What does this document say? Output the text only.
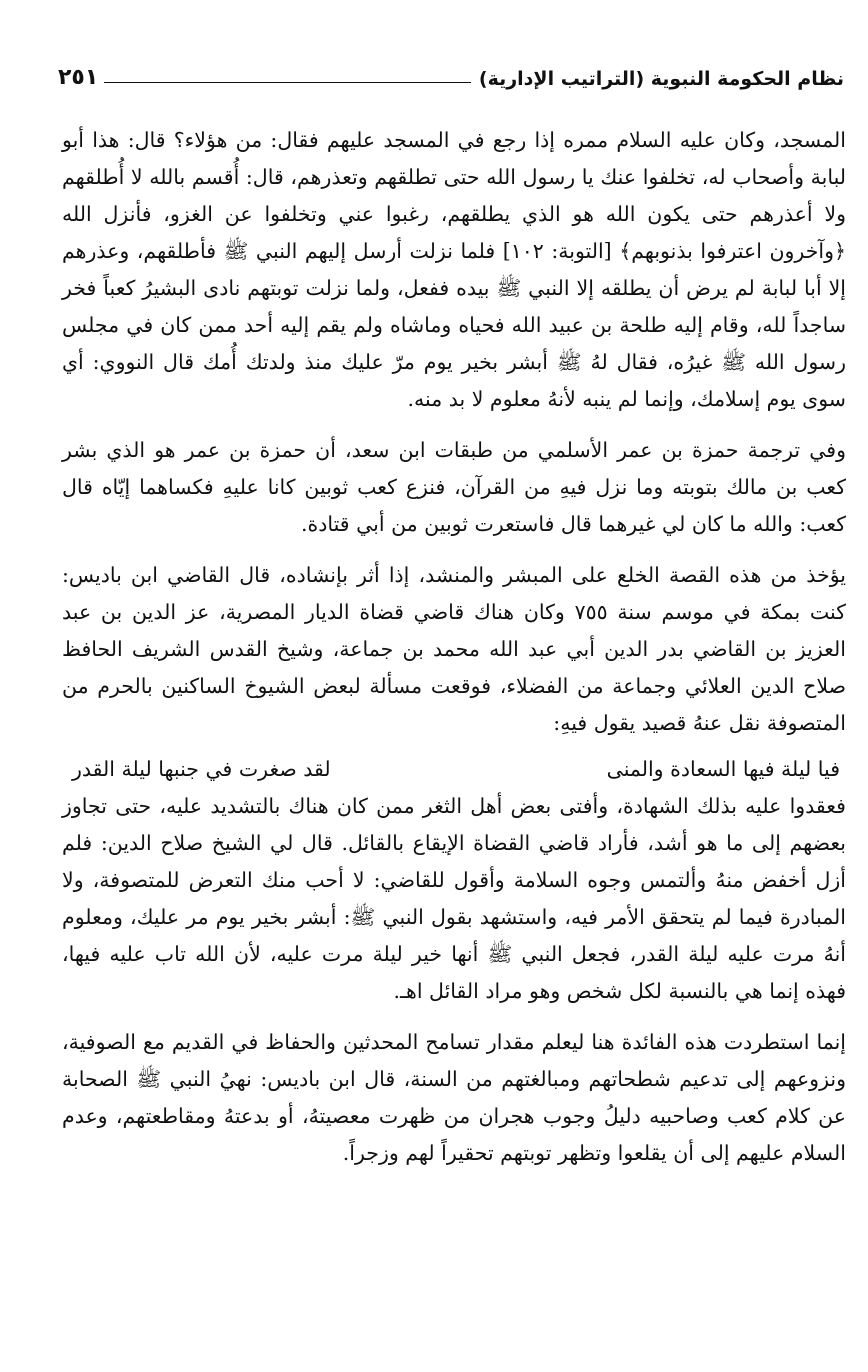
نظام الحكومة النبوية (التراتيب الإدارية)
٢٥١

المسجد، وكان عليه السلام ممره إذا رجع في المسجد عليهم فقال: من هؤلاء؟ قال: هذا أبو لبابة وأصحاب له، تخلفوا عنك يا رسول الله حتى تطلقهم وتعذرهم، قال: أُقسم بالله لا أُطلقهم ولا أعذرهم حتى يكون الله هو الذي يطلقهم، رغبوا عني وتخلفوا عن الغزو، فأنزل الله ﴿وآخرون اعترفوا بذنوبهم﴾ [التوبة: ١٠٢] فلما نزلت أرسل إليهم النبي ﷺ فأطلقهم، وعذرهم إلا أبا لبابة لم يرض أن يطلقه إلا النبي ﷺ بيده ففعل، ولما نزلت توبتهم نادى البشيرُ كعباً فخر ساجداً لله، وقام إليه طلحة بن عبيد الله فحياه وماشاه ولم يقم إليه أحد ممن كان في مجلس رسول الله ﷺ غيرُه، فقال لهُ ﷺ أبشر بخير يوم مرّ عليك منذ ولدتك أُمك قال النووي: أي سوى يوم إسلامك، وإنما لم ينبه لأنهُ معلوم لا بد منه.

وفي ترجمة حمزة بن عمر الأسلمي من طبقات ابن سعد، أن حمزة بن عمر هو الذي بشر كعب بن مالك بتوبته وما نزل فيهِ من القرآن، فنزع كعب ثوبين كانا عليهِ فكساهما إيّاه قال كعب: والله ما كان لي غيرهما قال فاستعرت ثوبين من أبي قتادة.

يؤخذ من هذه القصة الخلع على المبشر والمنشد، إذا أثر بإنشاده، قال القاضي ابن باديس: كنت بمكة في موسم سنة ٧٥٥ وكان هناك قاضي قضاة الديار المصرية، عز الدين بن عبد العزيز بن القاضي بدر الدين أبي عبد الله محمد بن جماعة، وشيخ القدس الشريف الحافظ صلاح الدين العلائي وجماعة من الفضلاء، فوقعت مسألة لبعض الشيوخ الساكنين بالحرم من المتصوفة نقل عنهُ قصيد يقول فيهِ:

فيا ليلة فيها السعادة والمنى
لقد صغرت في جنبها ليلة القدر

فعقدوا عليه بذلك الشهادة، وأفتى بعض أهل الثغر ممن كان هناك بالتشديد عليه، حتى تجاوز بعضهم إلى ما هو أشد، فأراد قاضي القضاة الإيقاع بالقائل. قال لي الشيخ صلاح الدين: فلم أزل أخفض منهُ وألتمس وجوه السلامة وأقول للقاضي: لا أحب منك التعرض للمتصوفة، ولا المبادرة فيما لم يتحقق الأمر فيه، واستشهد بقول النبي ﷺ: أبشر بخير يوم مر عليك، ومعلوم أنهُ مرت عليه ليلة القدر، فجعل النبي ﷺ أنها خير ليلة مرت عليه، لأن الله تاب عليه فيها، فهذه إنما هي بالنسبة لكل شخص وهو مراد القائل اهـ.

إنما استطردت هذه الفائدة هنا ليعلم مقدار تسامح المحدثين والحفاظ في القديم مع الصوفية، ونزوعهم إلى تدعيم شطحاتهم ومبالغتهم من السنة، قال ابن باديس: نهيُ النبي ﷺ الصحابة عن كلام كعب وصاحبيه دليلُ وجوب هجران من ظهرت معصيتهُ، أو بدعتهُ ومقاطعتهم، وعدم السلام عليهم إلى أن يقلعوا وتظهر توبتهم تحقيراً لهم وزجراً.
